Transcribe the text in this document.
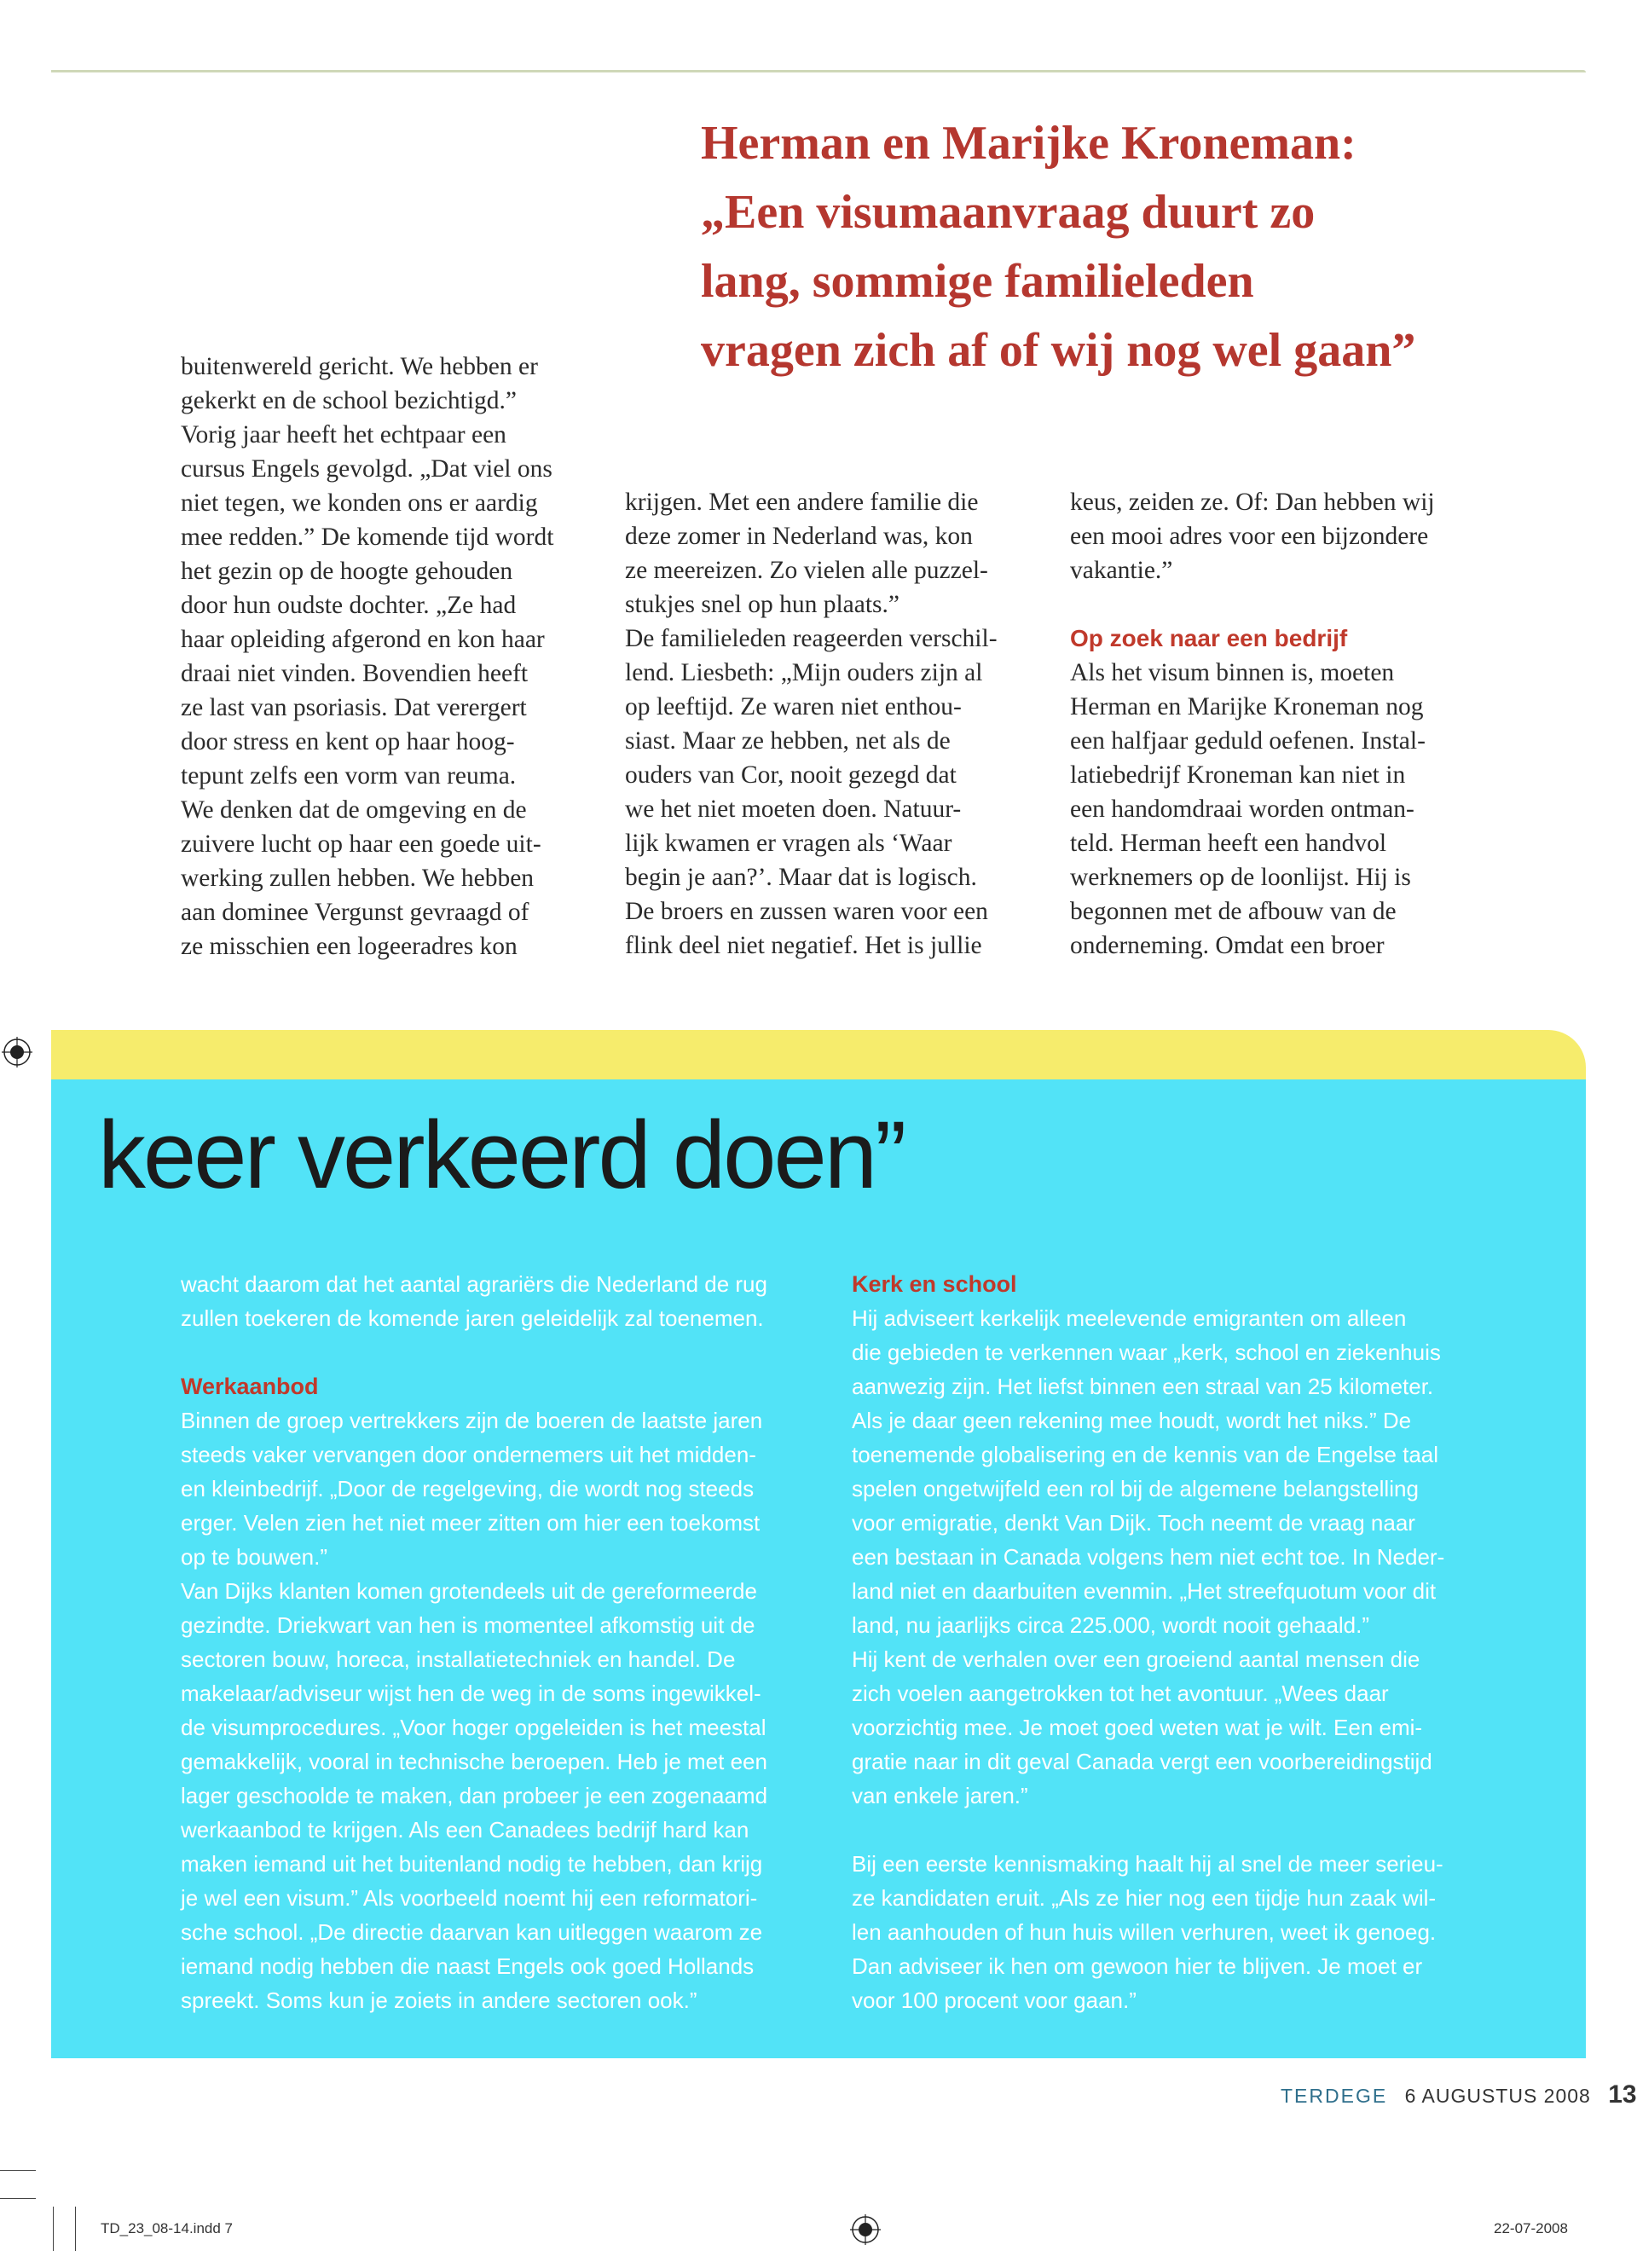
Herman en Marijke Kroneman:
„Een visumaanvraag duurt zo
lang, sommige familieleden
vragen zich af of wij nog wel gaan”
buitenwereld gericht. We hebben er
gekerkt en de school bezichtigd.”
Vorig jaar heeft het echtpaar een
cursus Engels gevolgd. „Dat viel ons
niet tegen, we konden ons er aardig
mee redden.” De komende tijd wordt
het gezin op de hoogte gehouden
door hun oudste dochter. „Ze had
haar opleiding afgerond en kon haar
draai niet vinden. Bovendien heeft
ze last van psoriasis. Dat verergert
door stress en kent op haar hoog-
tepunt zelfs een vorm van reuma.
We denken dat de omgeving en de
zuivere lucht op haar een goede uit-
werking zullen hebben. We hebben
aan dominee Vergunst gevraagd of
ze misschien een logeeradres kon
krijgen. Met een andere familie die
deze zomer in Nederland was, kon
ze meereizen. Zo vielen alle puzzel-
stukjes snel op hun plaats.”
De familieleden reageerden verschil-
lend. Liesbeth: „Mijn ouders zijn al
op leeftijd. Ze waren niet enthou-
siast. Maar ze hebben, net als de
ouders van Cor, nooit gezegd dat
we het niet moeten doen. Natuur-
lijk kwamen er vragen als ‘Waar
begin je aan?’. Maar dat is logisch.
De broers en zussen waren voor een
flink deel niet negatief. Het is jullie
keus, zeiden ze. Of: Dan hebben wij
een mooi adres voor een bijzondere
vakantie.”
Op zoek naar een bedrijf
Als het visum binnen is, moeten
Herman en Marijke Kroneman nog
een halfjaar geduld oefenen. Instal-
latiebedrijf Kroneman kan niet in
een handomdraai worden ontman-
teld. Herman heeft een handvol
werknemers op de loonlijst. Hij is
begonnen met de afbouw van de
onderneming. Omdat een broer
keer verkeerd doen”
wacht daarom dat het aantal agrariërs die Nederland de rug
zullen toekeren de komende jaren geleidelijk zal toenemen.
Werkaanbod
Binnen de groep vertrekkers zijn de boeren de laatste jaren
steeds vaker vervangen door ondernemers uit het midden-
en kleinbedrijf. „Door de regelgeving, die wordt nog steeds
erger. Velen zien het niet meer zitten om hier een toekomst
op te bouwen.”
Van Dijks klanten komen grotendeels uit de gereformeerde
gezindte. Driekwart van hen is momenteel afkomstig uit de
sectoren bouw, horeca, installatietechniek en handel. De
makelaar/adviseur wijst hen de weg in de soms ingewikkel-
de visumprocedures. „Voor hoger opgeleiden is het meestal
gemakkelijk, vooral in technische beroepen. Heb je met een
lager geschoolde te maken, dan probeer je een zogenaamd
werkaanbod te krijgen. Als een Canadees bedrijf hard kan
maken iemand uit het buitenland nodig te hebben, dan krijg
je wel een visum.” Als voorbeeld noemt hij een reformatori-
sche school. „De directie daarvan kan uitleggen waarom ze
iemand nodig hebben die naast Engels ook goed Hollands
spreekt. Soms kun je zoiets in andere sectoren ook.”
Kerk en school
Hij adviseert kerkelijk meelevende emigranten om alleen
die gebieden te verkennen waar „kerk, school en ziekenhuis
aanwezig zijn. Het liefst binnen een straal van 25 kilometer.
Als je daar geen rekening mee houdt, wordt het niks.” De
toenemende globalisering en de kennis van de Engelse taal
spelen ongetwijfeld een rol bij de algemene belangstelling
voor emigratie, denkt Van Dijk. Toch neemt de vraag naar
een bestaan in Canada volgens hem niet echt toe. In Neder-
land niet en daarbuiten evenmin. „Het streefquotum voor dit
land, nu jaarlijks circa 225.000, wordt nooit gehaald.”
Hij kent de verhalen over een groeiend aantal mensen die
zich voelen aangetrokken tot het avontuur. „Wees daar
voorzichtig mee. Je moet goed weten wat je wilt. Een emi-
gratie naar in dit geval Canada vergt een voorbereidingstijd
van enkele jaren.”
Bij een eerste kennismaking haalt hij al snel de meer serieu-
ze kandidaten eruit. „Als ze hier nog een tijdje hun zaak wil-
len aanhouden of hun huis willen verhuren, weet ik genoeg.
Dan adviseer ik hen om gewoon hier te blijven. Je moet er
voor 100 procent voor gaan.”
TERDEGE 6 AUGUSTUS 2008 13
TD_23_08-14.indd 7	22-07-2008
